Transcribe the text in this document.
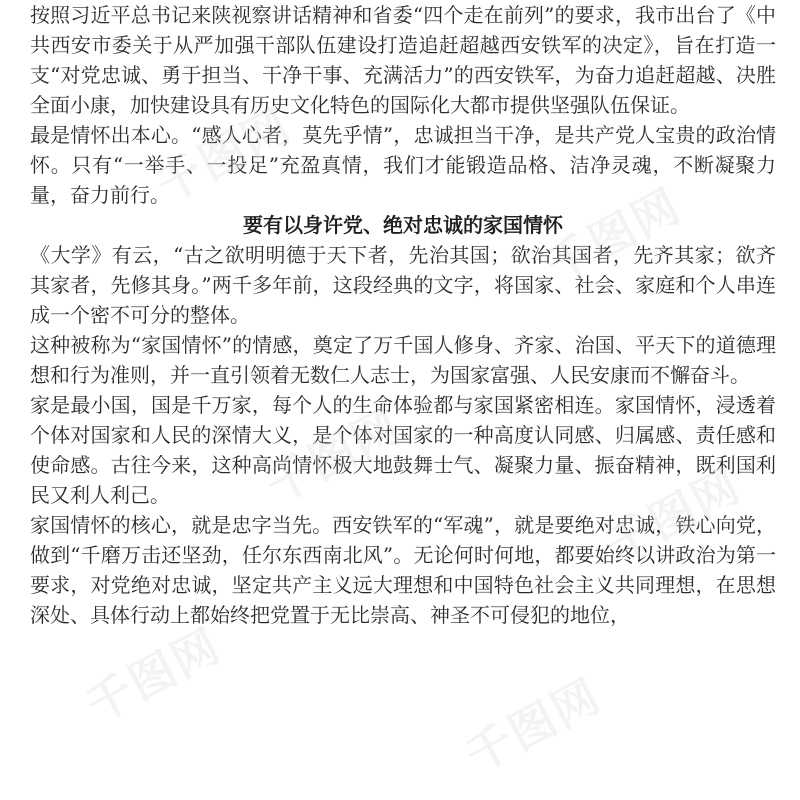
按照习近平总书记来陕视察讲话精神和省委“四个走在前列”的要求，我市出台了《中共西安市委关于从严加强干部队伍建设打造追赶超越西安铁军的决定》，旨在打造一支“对党忠诚、勇于担当、干净干事、充满活力”的西安铁军，为奋力追赶超越、决胜全面小康，加快建设具有历史文化特色的国际化大都市提供坚强队伍保证。

最是情怀出本心。“感人心者，莫先乎情”，忠诚担当干净，是共产党人宝贵的政治情怀。只有“一举手、一投足”充盈真情，我们才能锻造品格、洁净灵魂，不断凝聚力量，奋力前行。

要有以身许党、绝对忠诚的家国情怀

《大学》有云，“古之欲明明德于天下者，先治其国；欲治其国者，先齐其家；欲齐其家者，先修其身。”两千多年前，这段经典的文字，将国家、社会、家庭和个人串连成一个密不可分的整体。

这种被称为“家国情怀”的情感，奠定了万千国人修身、齐家、治国、平天下的道德理想和行为准则，并一直引领着无数仁人志士，为国家富强、人民安康而不懈奋斗。

家是最小国，国是千万家，每个人的生命体验都与家国紧密相连。家国情怀，浸透着个体对国家和人民的深情大义，是个体对国家的一种高度认同感、归属感、责任感和使命感。古往今来，这种高尚情怀极大地鼓舞士气、凝聚力量、振奋精神，既利国利民又利人利己。

家国情怀的核心，就是忠字当先。西安铁军的“军魂”，就是要绝对忠诚，铁心向党，做到“千磨万击还坚劲，任尔东西南北风”。无论何时何地，都要始终以讲政治为第一要求，对党绝对忠诚，坚定共产主义远大理想和中国特色社会主义共同理想，在思想深处、具体行动上都始终把党置于无比崇高、神圣不可侵犯的地位，

千图网
千图网
千图网
千图网
千图网	千图网
